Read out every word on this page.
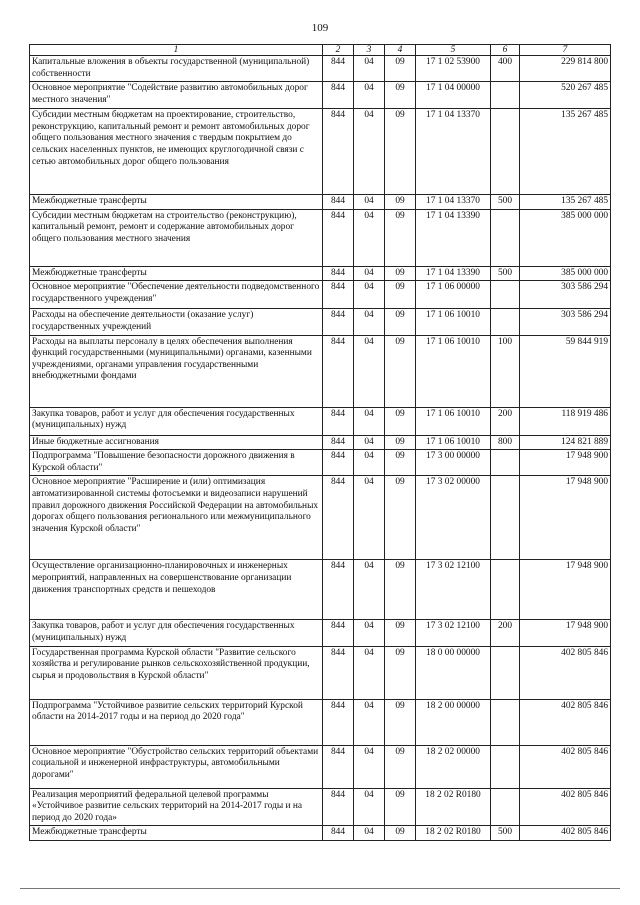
109
1	2	3	4	5	6	7
Капитальные вложения в объекты государственной (муниципальной) собственности	844	04	09	17 1 02 53900	400	229 814 800
Основное мероприятие "Содействие развитию автомобильных дорог местного значения"	844	04	09	17 1 04 00000		520 267 485
Субсидии местным бюджетам на проектирование, строительство, реконструкцию, капитальный ремонт и ремонт автомобильных дорог общего пользования местного значения с твердым покрытием до сельских населенных пунктов, не имеющих круглогодичной связи с сетью автомобильных дорог общего пользования	844	04	09	17 1 04 13370		135 267 485
Межбюджетные трансферты	844	04	09	17 1 04 13370	500	135 267 485
Субсидии местным бюджетам на строительство (реконструкцию), капитальный ремонт, ремонт и содержание автомобильных дорог общего пользования местного значения	844	04	09	17 1 04 13390		385 000 000
Межбюджетные трансферты	844	04	09	17 1 04 13390	500	385 000 000
Основное мероприятие "Обеспечение деятельности подведомственного государственного учреждения"	844	04	09	17 1 06 00000		303 586 294
Расходы на обеспечение деятельности (оказание услуг) государственных учреждений	844	04	09	17 1 06 10010		303 586 294
Расходы на выплаты персоналу в целях обеспечения выполнения функций государственными (муниципальными) органами, казенными учреждениями, органами управления государственными внебюджетными фондами	844	04	09	17 1 06 10010	100	59 844 919
Закупка товаров, работ и услуг для обеспечения государственных (муниципальных) нужд	844	04	09	17 1 06 10010	200	118 919 486
Иные бюджетные ассигнования	844	04	09	17 1 06 10010	800	124 821 889
Подпрограмма "Повышение безопасности дорожного движения в Курской области"	844	04	09	17 3 00 00000		17 948 900
Основное мероприятие "Расширение и (или) оптимизация автоматизированной системы фотосъемки и видеозаписи нарушений правил дорожного движения Российской Федерации на автомобильных дорогах общего пользования регионального или межмуниципального значения Курской области"	844	04	09	17 3 02 00000		17 948 900
Осуществление организационно-планировочных и инженерных мероприятий, направленных на совершенствование организации движения транспортных средств и пешеходов	844	04	09	17 3 02 12100		17 948 900
Закупка товаров, работ и услуг для обеспечения государственных (муниципальных) нужд	844	04	09	17 3 02 12100	200	17 948 900
Государственная программа Курской области "Развитие сельского хозяйства и регулирование рынков сельскохозяйственной продукции, сырья и продовольствия в Курской области"	844	04	09	18 0 00 00000		402 805 846
Подпрограмма "Устойчивое развитие сельских территорий Курской области на 2014-2017 годы и на период до 2020 года"	844	04	09	18 2 00 00000		402 805 846
Основное мероприятие "Обустройство сельских территорий объектами социальной и инженерной инфраструктуры, автомобильными дорогами"	844	04	09	18 2 02 00000		402 805 846
Реализация мероприятий федеральной целевой программы «Устойчивое развитие сельских территорий на 2014-2017 годы и на период до 2020 года»	844	04	09	18 2 02 R0180		402 805 846
Межбюджетные трансферты	844	04	09	18 2 02 R0180	500	402 805 846
